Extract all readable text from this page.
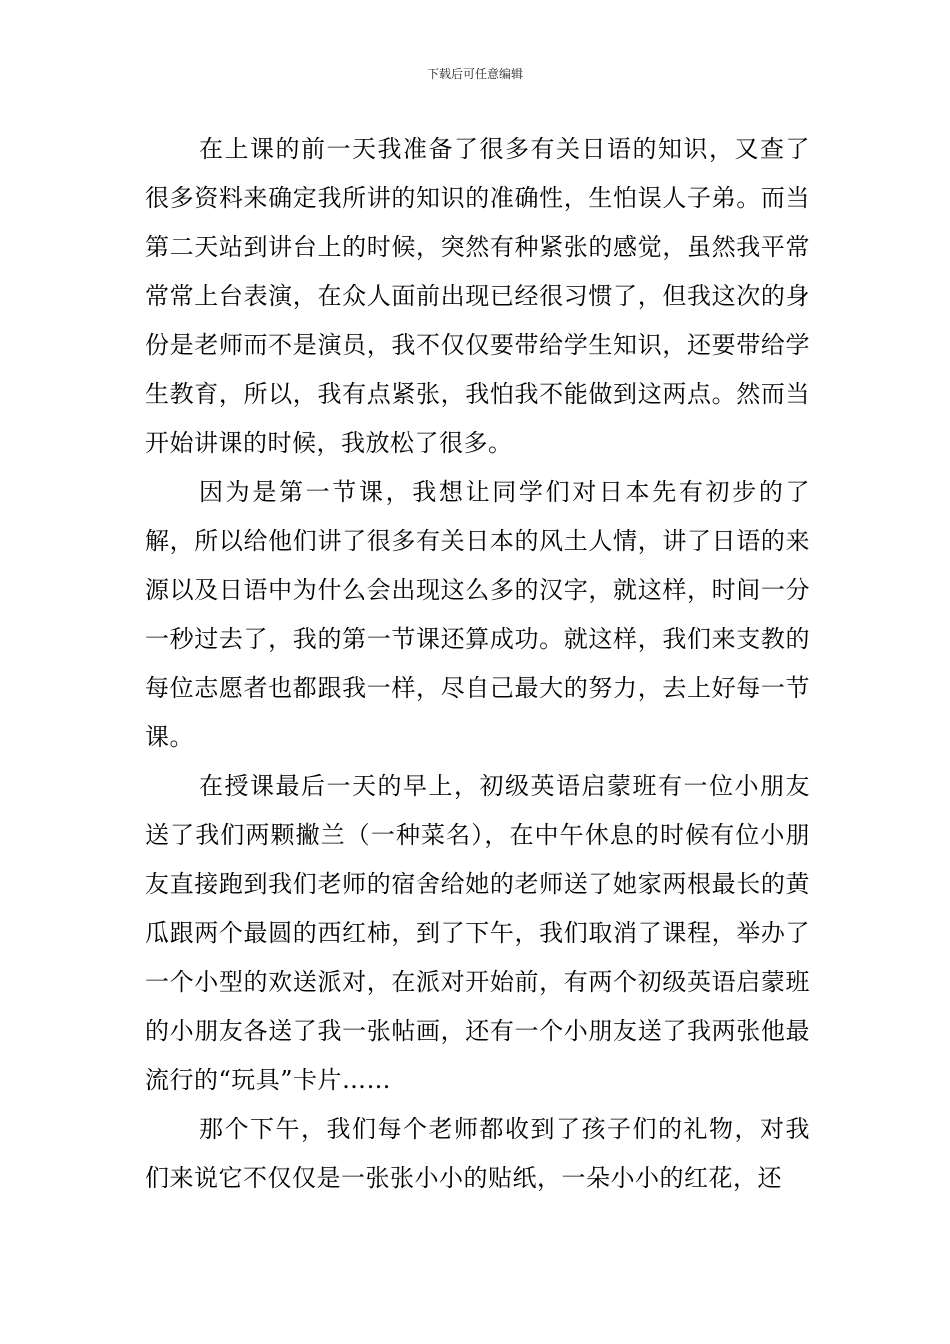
下载后可任意编辑

在上课的前一天我准备了很多有关日语的知识，又查了很多资料来确定我所讲的知识的准确性，生怕误人子弟。而当第二天站到讲台上的时候，突然有种紧张的感觉，虽然我平常常常上台表演，在众人面前出现已经很习惯了，但我这次的身份是老师而不是演员，我不仅仅要带给学生知识，还要带给学生教育，所以，我有点紧张，我怕我不能做到这两点。然而当开始讲课的时候，我放松了很多。

因为是第一节课，我想让同学们对日本先有初步的了解，所以给他们讲了很多有关日本的风土人情，讲了日语的来源以及日语中为什么会出现这么多的汉字，就这样，时间一分一秒过去了，我的第一节课还算成功。就这样，我们来支教的每位志愿者也都跟我一样，尽自己最大的努力，去上好每一节课。

在授课最后一天的早上，初级英语启蒙班有一位小朋友送了我们两颗撇兰（一种菜名），在中午休息的时候有位小朋友直接跑到我们老师的宿舍给她的老师送了她家两根最长的黄瓜跟两个最圆的西红柿，到了下午，我们取消了课程，举办了一个小型的欢送派对，在派对开始前，有两个初级英语启蒙班的小朋友各送了我一张帖画，还有一个小朋友送了我两张他最流行的“玩具”卡片……

那个下午，我们每个老师都收到了孩子们的礼物，对我们来说它不仅仅是一张张小小的贴纸，一朵小小的红花，还
